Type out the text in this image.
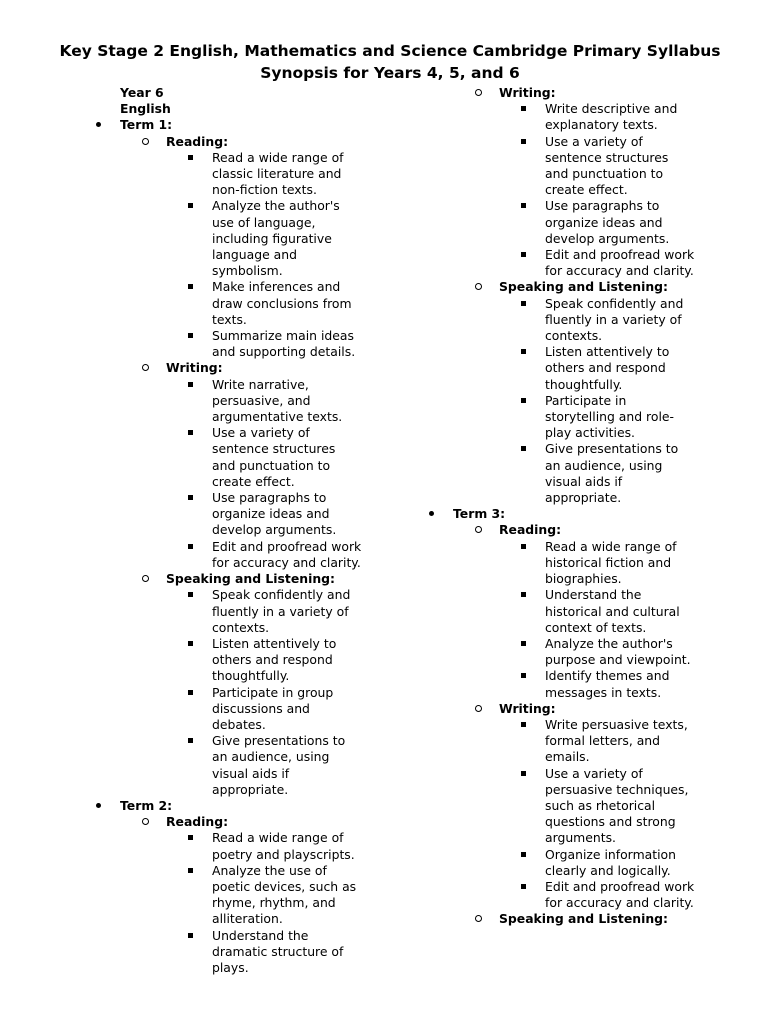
Key Stage 2 English, Mathematics and Science Cambridge Primary Syllabus Synopsis for Years 4, 5, and 6
Year 6
English
Term 1:
Reading:
Read a wide range of classic literature and non-fiction texts.
Analyze the author's use of language, including figurative language and symbolism.
Make inferences and draw conclusions from texts.
Summarize main ideas and supporting details.
Writing:
Write narrative, persuasive, and argumentative texts.
Use a variety of sentence structures and punctuation to create effect.
Use paragraphs to organize ideas and develop arguments.
Edit and proofread work for accuracy and clarity.
Speaking and Listening:
Speak confidently and fluently in a variety of contexts.
Listen attentively to others and respond thoughtfully.
Participate in group discussions and debates.
Give presentations to an audience, using visual aids if appropriate.
Term 2:
Reading:
Read a wide range of poetry and playscripts.
Analyze the use of poetic devices, such as rhyme, rhythm, and alliteration.
Understand the dramatic structure of plays.
Writing:
Write descriptive and explanatory texts.
Use a variety of sentence structures and punctuation to create effect.
Use paragraphs to organize ideas and develop arguments.
Edit and proofread work for accuracy and clarity.
Speaking and Listening:
Speak confidently and fluently in a variety of contexts.
Listen attentively to others and respond thoughtfully.
Participate in storytelling and role-play activities.
Give presentations to an audience, using visual aids if appropriate.
Term 3:
Reading:
Read a wide range of historical fiction and biographies.
Understand the historical and cultural context of texts.
Analyze the author's purpose and viewpoint.
Identify themes and messages in texts.
Writing:
Write persuasive texts, formal letters, and emails.
Use a variety of persuasive techniques, such as rhetorical questions and strong arguments.
Organize information clearly and logically.
Edit and proofread work for accuracy and clarity.
Speaking and Listening:
